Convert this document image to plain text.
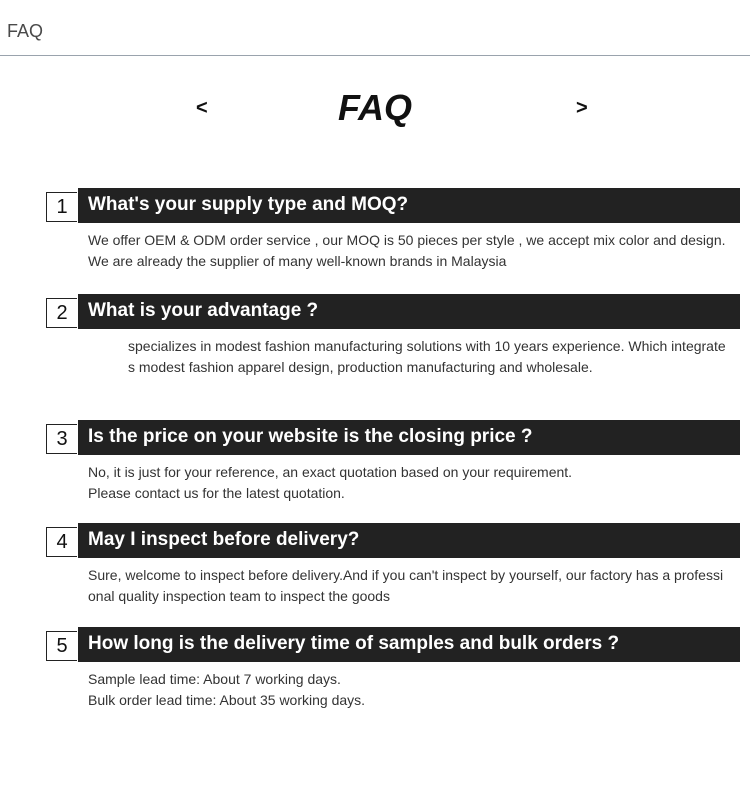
FAQ
<	FAQ	>
1	What's your supply type and MOQ?

We offer OEM & ODM order service , our MOQ is 50 pieces per style , we accept mix color and design.We are already the supplier of many well-known brands in Malaysia

2	What is your advantage ?

specializes in modest fashion manufacturing solutions with 10 years experience. Which integrates modest fashion apparel design, production manufacturing and wholesale.

3	Is the price on your website is the closing price ?

No, it is just for your reference, an exact quotation based on your requirement.

Please contact us for the latest quotation.

4	May I inspect before delivery?

Sure, welcome to inspect before delivery.And if you can't inspect by yourself, our factory has a professional quality inspection team to inspect the goods

5	How long is the delivery time of samples and bulk orders ?

Sample lead time: About 7 working days.

Bulk order lead time: About 35 working days.
